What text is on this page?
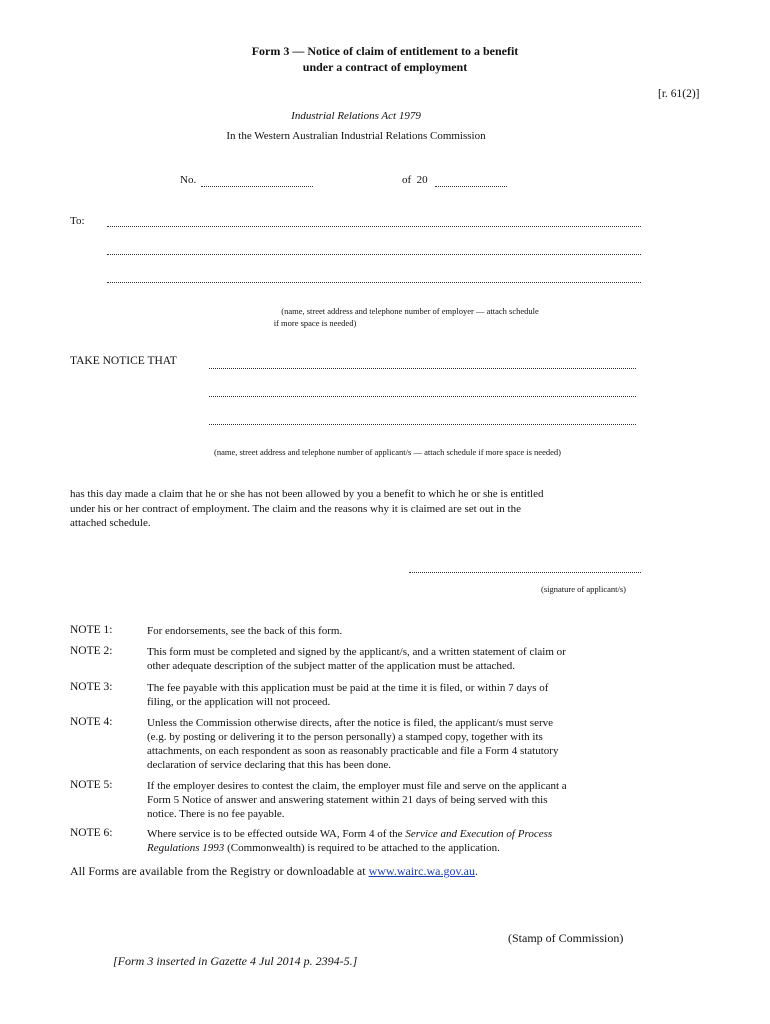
Form 3 — Notice of claim of entitlement to a benefit
under a contract of employment
[r. 61(2)]
Industrial Relations Act 1979
In the Western Australian Industrial Relations Commission
No.	of  20
To:
(name, street address and telephone number of employer — attach schedule
if more space is needed)
TAKE NOTICE THAT
(name, street address and telephone number of applicant/s — attach schedule if more space is needed)
has this day made a claim that he or she has not been allowed by you a benefit to which he or she is entitled
under his or her contract of employment. The claim and the reasons why it is claimed are set out in the
attached schedule.
(signature of applicant/s)
NOTE 1:	For endorsements, see the back of this form.
NOTE 2:	This form must be completed and signed by the applicant/s, and a written statement of claim or
other adequate description of the subject matter of the application must be attached.
NOTE 3:	The fee payable with this application must be paid at the time it is filed, or within 7 days of
filing, or the application will not proceed.
NOTE 4:	Unless the Commission otherwise directs, after the notice is filed, the applicant/s must serve
(e.g. by posting or delivering it to the person personally) a stamped copy, together with its
attachments, on each respondent as soon as reasonably practicable and file a Form 4 statutory
declaration of service declaring that this has been done.
NOTE 5:	If the employer desires to contest the claim, the employer must file and serve on the applicant a
Form 5 Notice of answer and answering statement within 21 days of being served with this
notice. There is no fee payable.
NOTE 6:	Where service is to be effected outside WA, Form 4 of the Service and Execution of Process
Regulations 1993 (Commonwealth) is required to be attached to the application.
All Forms are available from the Registry or downloadable at www.wairc.wa.gov.au.
(Stamp of Commission)
[Form 3 inserted in Gazette 4 Jul 2014 p. 2394-5.]
